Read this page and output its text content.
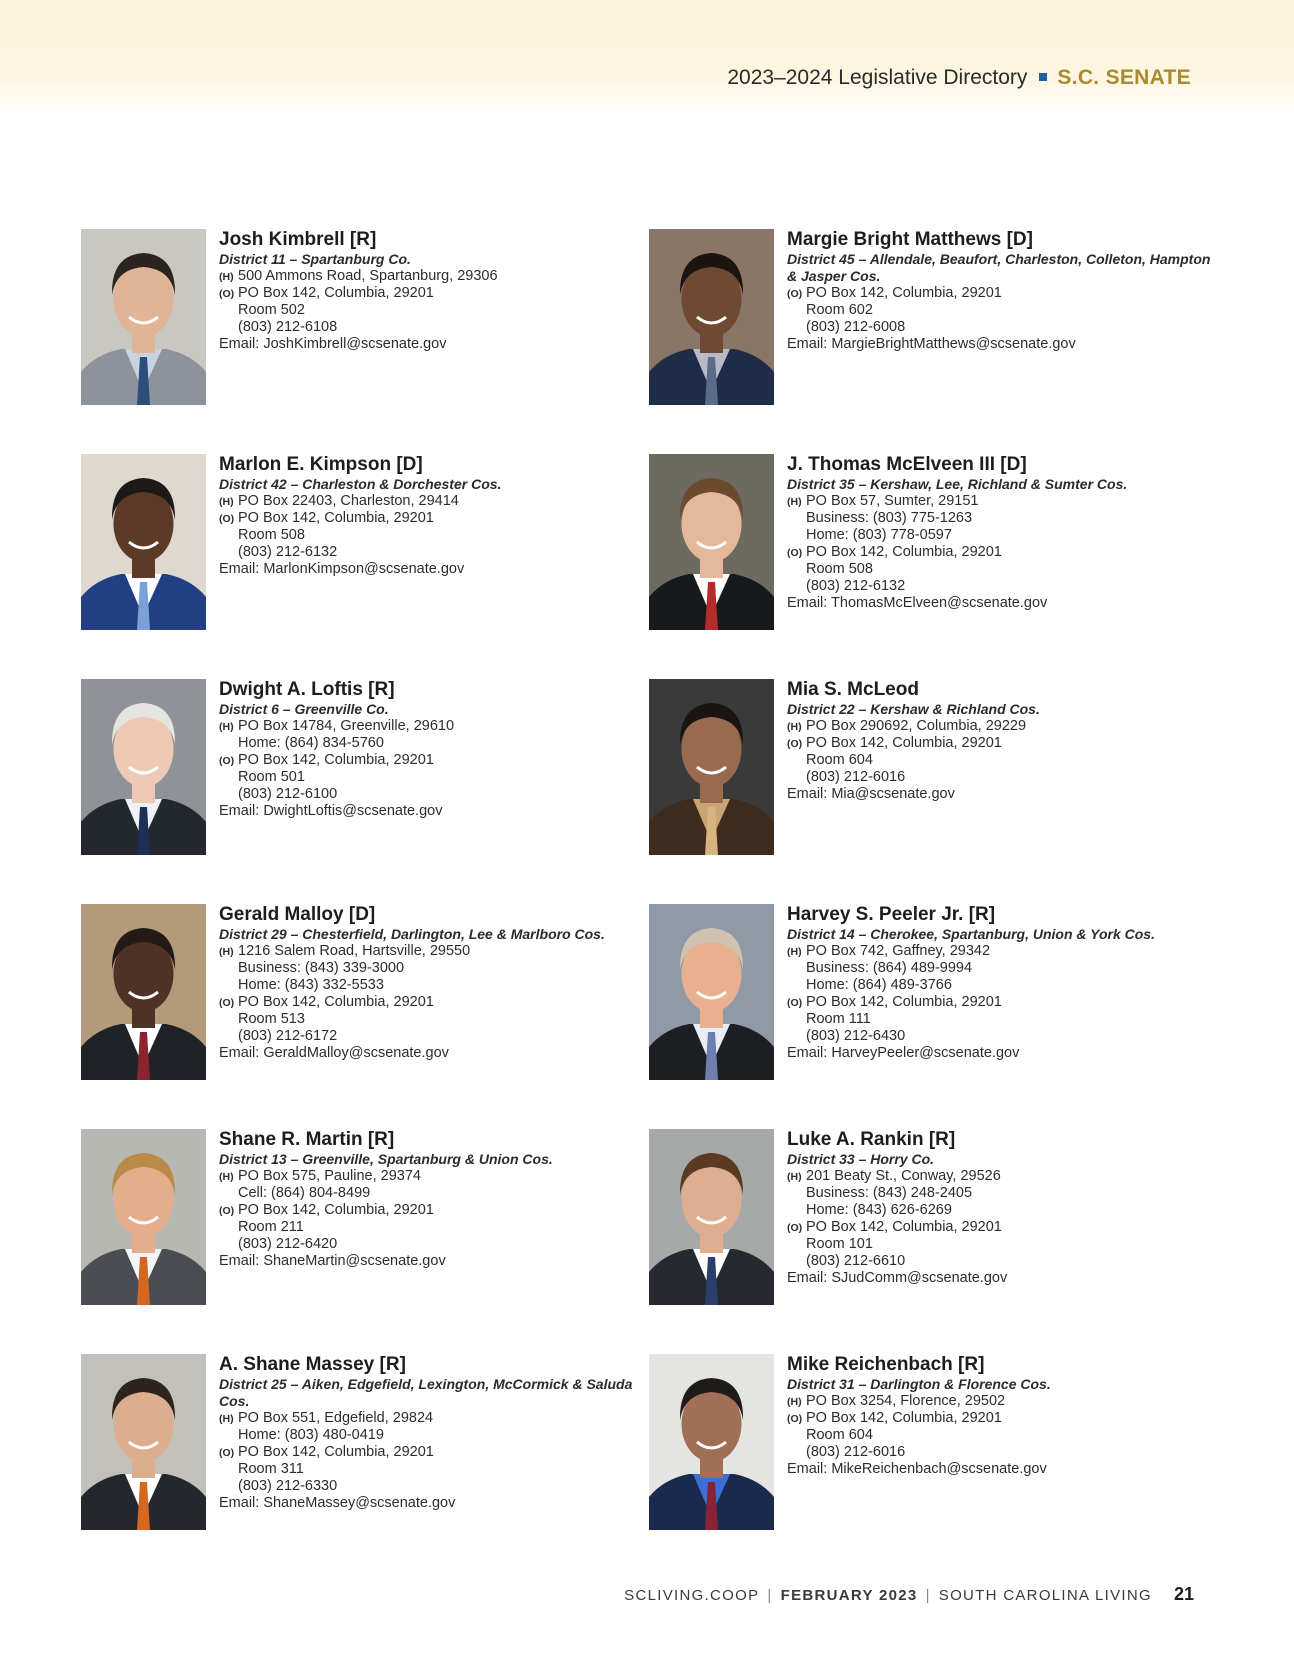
2023–2024 Legislative Directory S.C. SENATE
Josh Kimbrell [R]
District 11 – Spartanburg Co.
(H) 500 Ammons Road, Spartanburg, 29306
(O) PO Box 142, Columbia, 29201
Room 502
(803) 212-6108
Email: JoshKimbrell@scsenate.gov
Margie Bright Matthews [D]
District 45 – Allendale, Beaufort, Charleston, Colleton, Hampton & Jasper Cos.
(O) PO Box 142, Columbia, 29201
Room 602
(803) 212-6008
Email: MargieBrightMatthews@scsenate.gov
Marlon E. Kimpson [D]
District 42 – Charleston & Dorchester Cos.
(H) PO Box 22403, Charleston, 29414
(O) PO Box 142, Columbia, 29201
Room 508
(803) 212-6132
Email: MarlonKimpson@scsenate.gov
J. Thomas McElveen III [D]
District 35 – Kershaw, Lee, Richland & Sumter Cos.
(H) PO Box 57, Sumter, 29151
Business: (803) 775-1263
Home: (803) 778-0597
(O) PO Box 142, Columbia, 29201
Room 508
(803) 212-6132
Email: ThomasMcElveen@scsenate.gov
Dwight A. Loftis [R]
District 6 – Greenville Co.
(H) PO Box 14784, Greenville, 29610
Home: (864) 834-5760
(O) PO Box 142, Columbia, 29201
Room 501
(803) 212-6100
Email: DwightLoftis@scsenate.gov
Mia S. McLeod
District 22 – Kershaw & Richland Cos.
(H) PO Box 290692, Columbia, 29229
(O) PO Box 142, Columbia, 29201
Room 604
(803) 212-6016
Email: Mia@scsenate.gov
Gerald Malloy [D]
District 29 – Chesterfield, Darlington, Lee & Marlboro Cos.
(H) 1216 Salem Road, Hartsville, 29550
Business: (843) 339-3000
Home: (843) 332-5533
(O) PO Box 142, Columbia, 29201
Room 513
(803) 212-6172
Email: GeraldMalloy@scsenate.gov
Harvey S. Peeler Jr. [R]
District 14 – Cherokee, Spartanburg, Union & York Cos.
(H) PO Box 742, Gaffney, 29342
Business: (864) 489-9994
Home: (864) 489-3766
(O) PO Box 142, Columbia, 29201
Room 111
(803) 212-6430
Email: HarveyPeeler@scsenate.gov
Shane R. Martin [R]
District 13 – Greenville, Spartanburg & Union Cos.
(H) PO Box 575, Pauline, 29374
Cell: (864) 804-8499
(O) PO Box 142, Columbia, 29201
Room 211
(803) 212-6420
Email: ShaneMartin@scsenate.gov
Luke A. Rankin [R]
District 33 – Horry Co.
(H) 201 Beaty St., Conway, 29526
Business: (843) 248-2405
Home: (843) 626-6269
(O) PO Box 142, Columbia, 29201
Room 101
(803) 212-6610
Email: SJudComm@scsenate.gov
A. Shane Massey [R]
District 25 – Aiken, Edgefield, Lexington, McCormick & Saluda Cos.
(H) PO Box 551, Edgefield, 29824
Home: (803) 480-0419
(O) PO Box 142, Columbia, 29201
Room 311
(803) 212-6330
Email: ShaneMassey@scsenate.gov
Mike Reichenbach [R]
District 31 – Darlington & Florence Cos.
(H) PO Box 3254, Florence, 29502
(O) PO Box 142, Columbia, 29201
Room 604
(803) 212-6016
Email: MikeReichenbach@scsenate.gov
SCLIVING.COOP | FEBRUARY 2023 | SOUTH CAROLINA LIVING 21
